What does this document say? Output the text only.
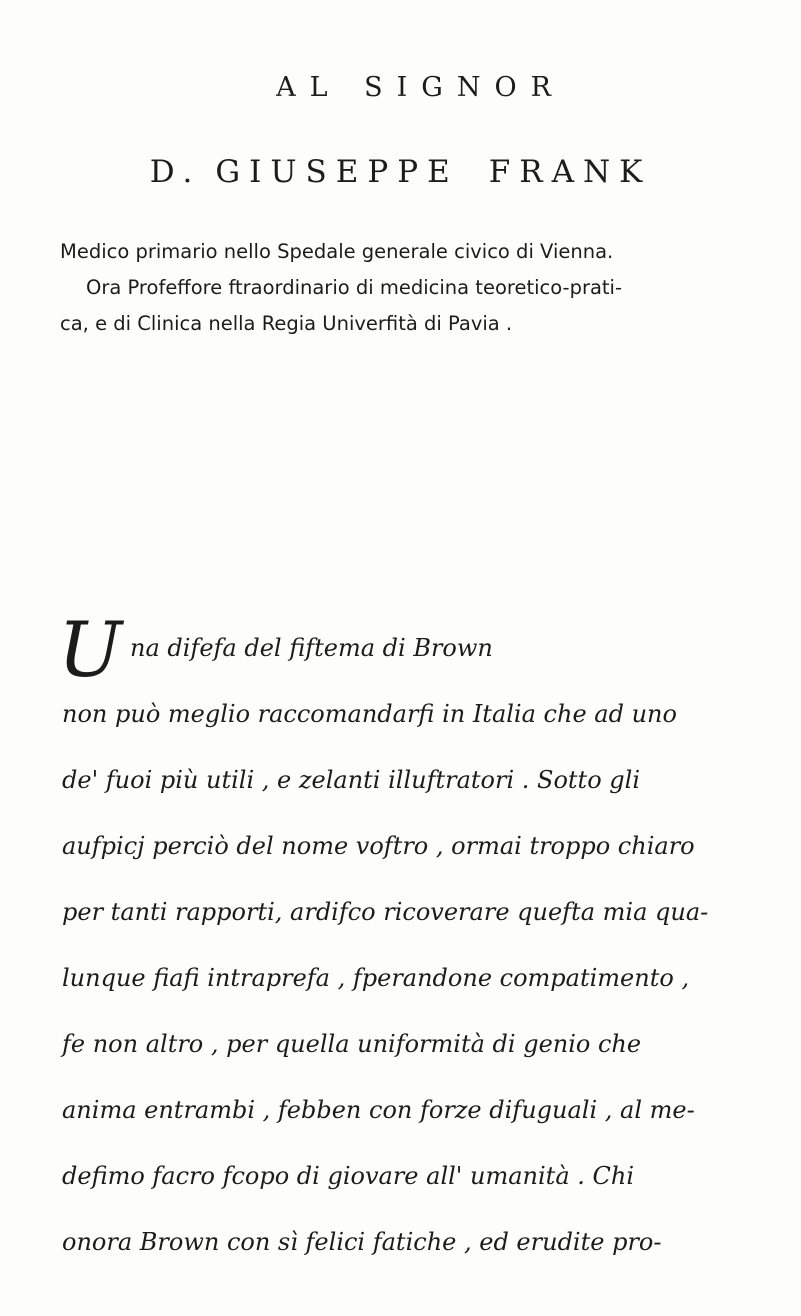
AL SIGNOR
D. GIUSEPPE FRANK
Medico primario nello Spedale generale civico di Vienna.
Ora Profeffore ftraordinario di medicina teoretico-prati-
ca, e di Clinica nella Regia Univerfità di Pavia .
U na difefa del fiftema di Brown
non può meglio raccomandarfi in Italia che ad uno
de' fuoi più utili , e zelanti illuftratori . Sotto gli
aufpicj perciò del nome voftro , ormai troppo chiaro
per tanti rapporti, ardifco ricoverare quefta mia qua-
lunque fiafi intraprefa , fperandone compatimento ,
fe non altro , per quella uniformità di genio che
anima entrambi , febben con forze difuguali , al me-
defimo facro fcopo di giovare all' umanità . Chi
onora Brown con sì felici fatiche , ed erudite pro-
